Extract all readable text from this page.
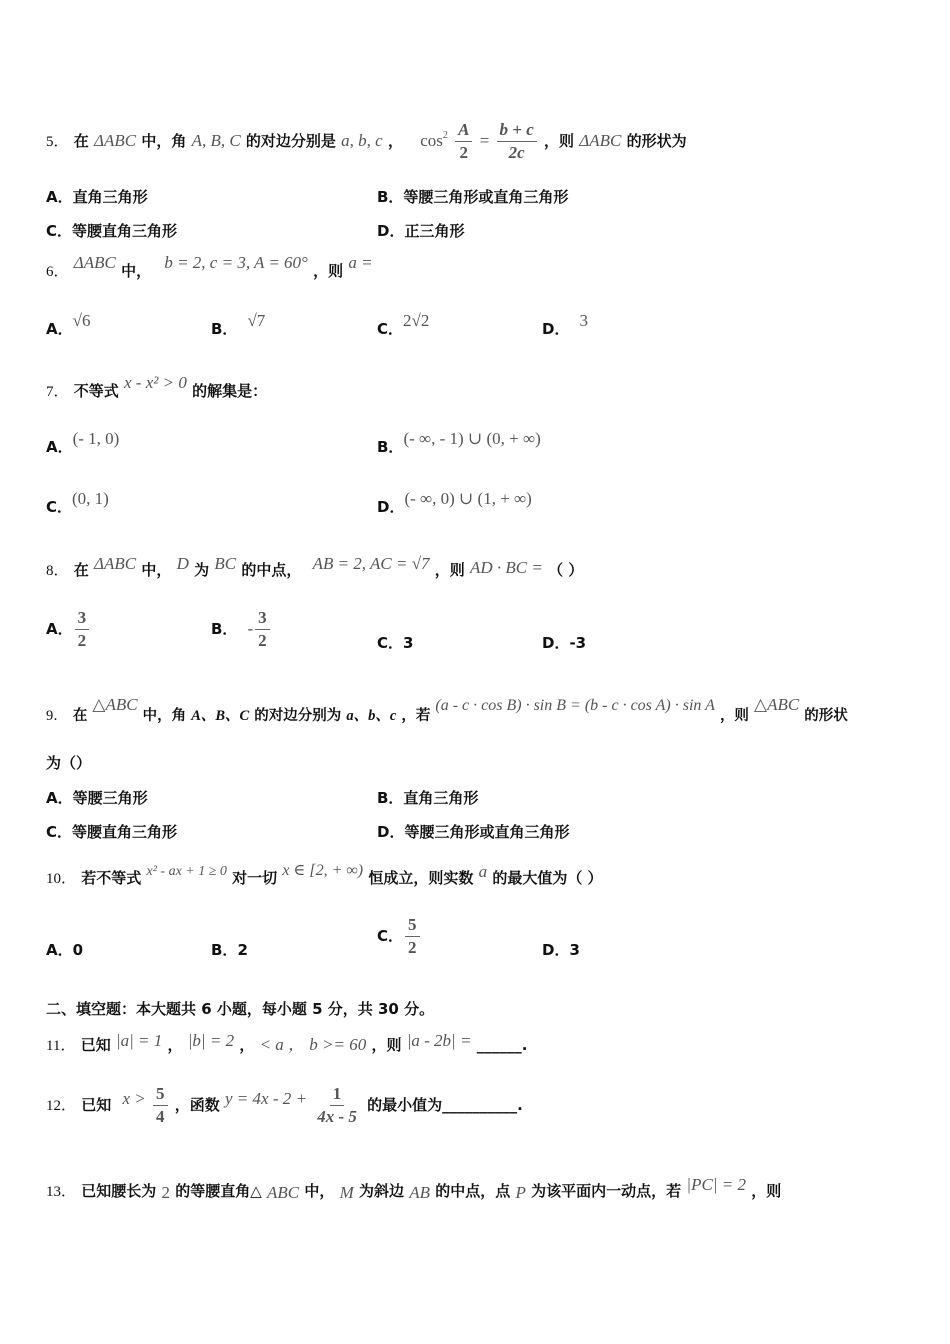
5． 在 ΔABC 中，角 A, B, C 的对边分别是 a, b, c ， $\cos^2 \frac{A}{2} = \frac{b + c}{2c}$ ，则 ΔABC 的形状为
A．直角三角形	B．等腰三角形或直角三角形
C．等腰直角三角形	D．正三角形
6． ΔABC 中， b = 2, c = 3, A = 60° ，则 a =
A．√6	B． √7	C．2√2	D． 3
7． 不等式 x - x² > 0 的解集是：
A．(- 1, 0)	B．(- ∞, - 1) ∪ (0, + ∞)
C．(0, 1)	D．(- ∞, 0) ∪ (1, + ∞)
8． 在 ΔABC 中， D 为 BC 的中点， AB = 2, AC = √7 ，则 AD · BC = （ ）
A． $\frac{3}{2}$	B． - $\frac{3}{2}$	C．3	D．-3
9． 在 △ABC 中，角 A、B、C 的对边分别为 a、b、c ，若 (a - c · cos B) · sin B = (b - c · cos A) · sin A ，则 △ABC 的形状
为（）
A．等腰三角形	B．直角三角形
C．等腰直角三角形	D．等腰三角形或直角三角形
10． 若不等式 x² - ax + 1 ≥ 0 对一切 x ∈ [2, + ∞) 恒成立，则实数 a 的最大值为（ ）
A．0	B．2
C． $\frac{5}{2}$	D．3
二、填空题：本大题共 6 小题，每小题 5 分，共 30 分。
11． 已知 |a| = 1 ， |b| = 2 ， < a ， b >= 60 ，则 |a - 2b| = ______.
12． 已知 $x > \frac{5}{4}$ ，函数 $y = 4x - 2 + \frac{1}{4x - 5}$ 的最小值为__________.
13． 已知腰长为 2 的等腰直角△ ABC 中， M 为斜边 AB 的中点，点 P 为该平面内一动点，若 |PC| = 2 ，则
